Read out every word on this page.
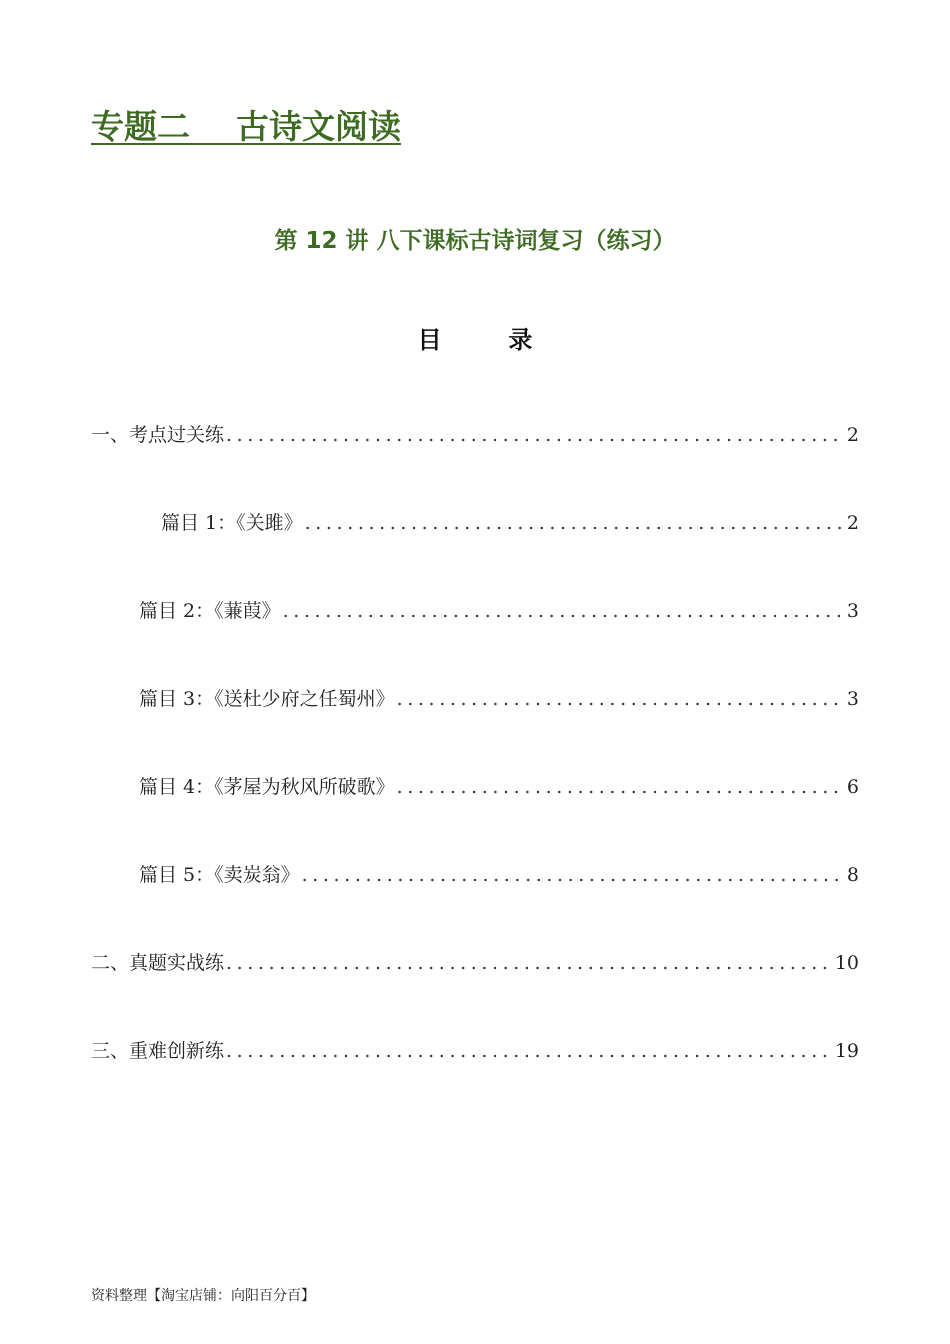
专题二    古诗文阅读
第 12 讲 八下课标古诗词复习（练习）
目        录
一、考点过关练 .....	2
篇目 1：《关雎》 .....	2
篇目 2：《蒹葭》 .....	3
篇目 3：《送杜少府之任蜀州》 .....	3
篇目 4：《茅屋为秋风所破歌》 .....	6
篇目 5：《卖炭翁》 .....	8
二、真题实战练 .....	10
三、重难创新练 .....	19
资料整理【淘宝店铺：向阳百分百】
